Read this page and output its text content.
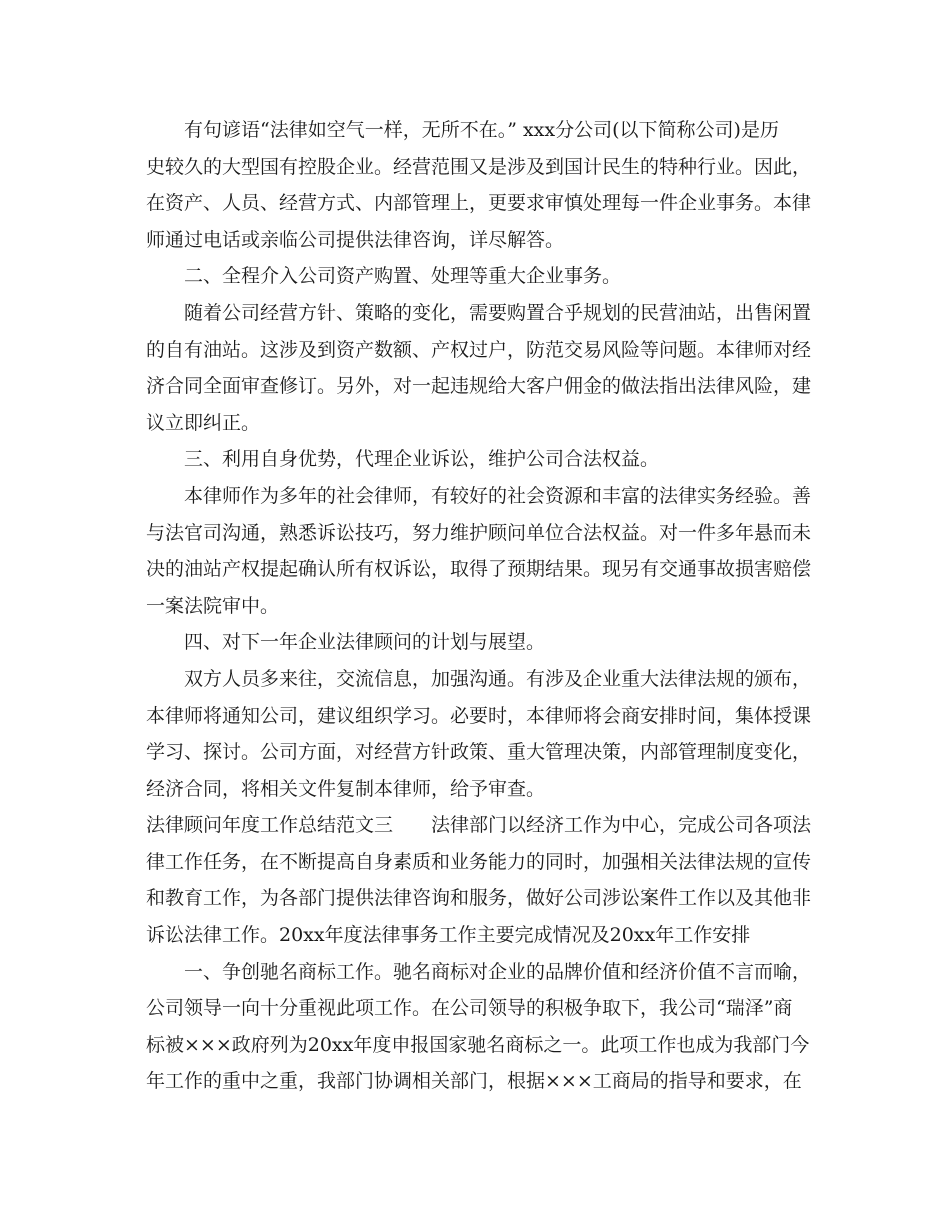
有句谚语“法律如空气一样，无所不在。” xxx分公司(以下简称公司)是历
史较久的大型国有控股企业。经营范围又是涉及到国计民生的特种行业。因此，
在资产、人员、经营方式、内部管理上，更要求审慎处理每一件企业事务。本律
师通过电话或亲临公司提供法律咨询，详尽解答。
二、全程介入公司资产购置、处理等重大企业事务。
随着公司经营方针、策略的变化，需要购置合乎规划的民营油站，出售闲置
的自有油站。这涉及到资产数额、产权过户，防范交易风险等问题。本律师对经
济合同全面审查修订。另外，对一起违规给大客户佣金的做法指出法律风险，建
议立即纠正。
三、利用自身优势，代理企业诉讼，维护公司合法权益。
本律师作为多年的社会律师，有较好的社会资源和丰富的法律实务经验。善
与法官司沟通，熟悉诉讼技巧，努力维护顾问单位合法权益。对一件多年悬而未
决的油站产权提起确认所有权诉讼，取得了预期结果。现另有交通事故损害赔偿
一案法院审中。
四、对下一年企业法律顾问的计划与展望。
双方人员多来往，交流信息，加强沟通。有涉及企业重大法律法规的颁布，
本律师将通知公司，建议组织学习。必要时，本律师将会商安排时间，集体授课
学习、探讨。公司方面，对经营方针政策、重大管理决策，内部管理制度变化，
经济合同，将相关文件复制本律师，给予审查。
法律顾问年度工作总结范文三　　法律部门以经济工作为中心，完成公司各项法
律工作任务，在不断提高自身素质和业务能力的同时，加强相关法律法规的宣传
和教育工作，为各部门提供法律咨询和服务，做好公司涉讼案件工作以及其他非
诉讼法律工作。20xx年度法律事务工作主要完成情况及20xx年工作安排
一、争创驰名商标工作。驰名商标对企业的品牌价值和经济价值不言而喻，
公司领导一向十分重视此项工作。在公司领导的积极争取下，我公司“瑞泽”商
标被×××政府列为20xx年度申报国家驰名商标之一。此项工作也成为我部门今
年工作的重中之重，我部门协调相关部门，根据×××工商局的指导和要求，在
